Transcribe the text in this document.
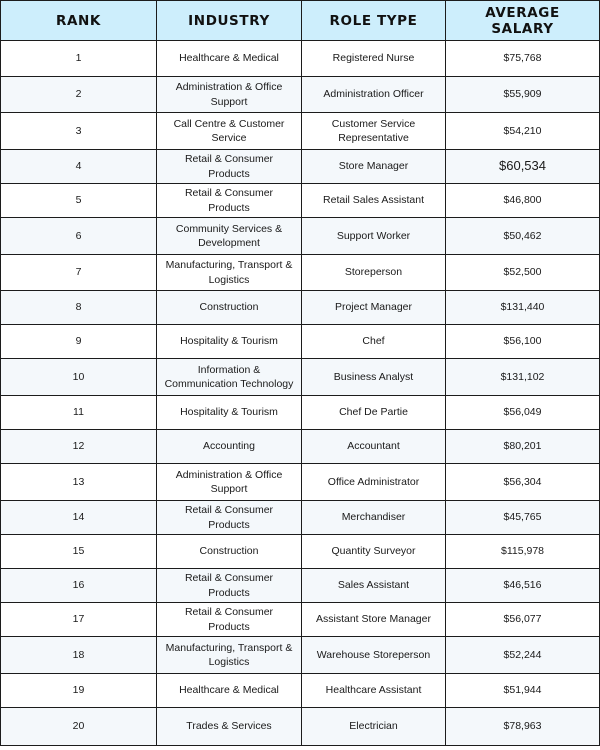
RANK	INDUSTRY	ROLE TYPE	AVERAGE SALARY
1	Healthcare & Medical	Registered Nurse	$75,768
2	Administration & Office Support	Administration Officer	$55,909
3	Call Centre & Customer Service	Customer Service Representative	$54,210
4	Retail & Consumer Products	Store Manager	$60,534
5	Retail & Consumer Products	Retail Sales Assistant	$46,800
6	Community Services & Development	Support Worker	$50,462
7	Manufacturing, Transport & Logistics	Storeperson	$52,500
8	Construction	Project Manager	$131,440
9	Hospitality & Tourism	Chef	$56,100
10	Information & Communication Technology	Business Analyst	$131,102
11	Hospitality & Tourism	Chef De Partie	$56,049
12	Accounting	Accountant	$80,201
13	Administration & Office Support	Office Administrator	$56,304
14	Retail & Consumer Products	Merchandiser	$45,765
15	Construction	Quantity Surveyor	$115,978
16	Retail & Consumer Products	Sales Assistant	$46,516
17	Retail & Consumer Products	Assistant Store Manager	$56,077
18	Manufacturing, Transport & Logistics	Warehouse Storeperson	$52,244
19	Healthcare & Medical	Healthcare Assistant	$51,944
20	Trades & Services	Electrician	$78,963
